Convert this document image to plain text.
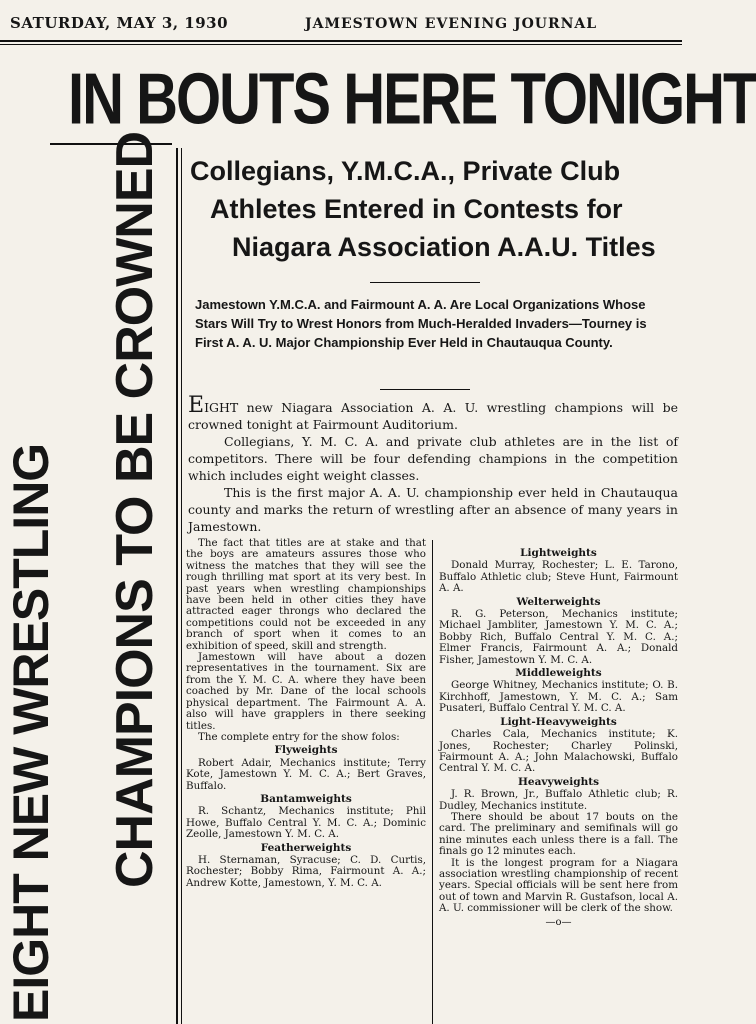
SATURDAY, MAY 3, 1930	JAMESTOWN EVENING JOURNAL
IN BOUTS HERE TONIGHT
EIGHT NEW WRESTLING CHAMPIONS TO BE CROWNED Collegians, Y.M.C.A., Private Club
Athletes Entered in Contests for
Niagara Association A.A.U. Titles
Jamestown Y.M.C.A. and Fairmount A. A. Are Local Organizations Whose Stars Will Try to Wrest Honors from Much-Heralded Invaders—Tourney is First A. A. U. Major Championship Ever Held in Chautauqua County.

EIGHT new Niagara Association A. A. U. wrestling champions will be crowned tonight at Fairmount Auditorium.

Collegians, Y. M. C. A. and private club athletes are in the list of competitors. There will be four defending champions in the competition which includes eight weight classes.

This is the first major A. A. U. championship ever held in Chautauqua county and marks the return of wrestling after an absence of many years in Jamestown.

The fact that titles are at stake and that the boys are amateurs assures those who witness the matches that they will see the rough thrilling mat sport at its very best. In past years when wrestling championships have been held in other cities they have attracted eager throngs who declared the competitions could not be exceeded in any branch of sport when it comes to an exhibition of speed, skill and strength.

Jamestown will have about a dozen representatives in the tournament. Six are from the Y. M. C. A. where they have been coached by Mr. Dane of the local schools physical department. The Fairmount A. A. also will have grapplers in there seeking titles.

The complete entry for the show folos:

Flyweights

Robert Adair, Mechanics institute; Terry Kote, Jamestown Y. M. C. A.; Bert Graves, Buffalo.

Bantamweights

R. Schantz, Mechanics institute; Phil Howe, Buffalo Central Y. M. C. A.; Dominic Zeolle, Jamestown Y. M. C. A.

Featherweights

H. Sternaman, Syracuse; C. D. Curtis, Rochester; Bobby Rima, Fairmount A. A.; Andrew Kotte, Jamestown, Y. M. C. A.

Lightweights

Donald Murray, Rochester; L. E. Tarono, Buffalo Athletic club; Steve Hunt, Fairmount A. A.

Welterweights

R. G. Peterson, Mechanics institute; Michael Jambliter, Jamestown Y. M. C. A.; Bobby Rich, Buffalo Central Y. M. C. A.; Elmer Francis, Fairmount A. A.; Donald Fisher, Jamestown Y. M. C. A.

Middleweights

George Whitney, Mechanics institute; O. B. Kirchhoff, Jamestown, Y. M. C. A.; Sam Pusateri, Buffalo Central Y. M. C. A.

Light-Heavyweights

Charles Cala, Mechanics institute; K. Jones, Rochester; Charley Polinski, Fairmount A. A.; John Malachowski, Buffalo Central Y. M. C. A.

Heavyweights

J. R. Brown, Jr., Buffalo Athletic club; R. Dudley, Mechanics institute.

There should be about 17 bouts on the card. The preliminary and semifinals will go nine minutes each unless there is a fall. The finals go 12 minutes each.

It is the longest program for a Niagara association wrestling championship of recent years. Special officials will be sent here from out of town and Marvin R. Gustafson, local A. A. U. commissioner will be clerk of the show.

—o—
